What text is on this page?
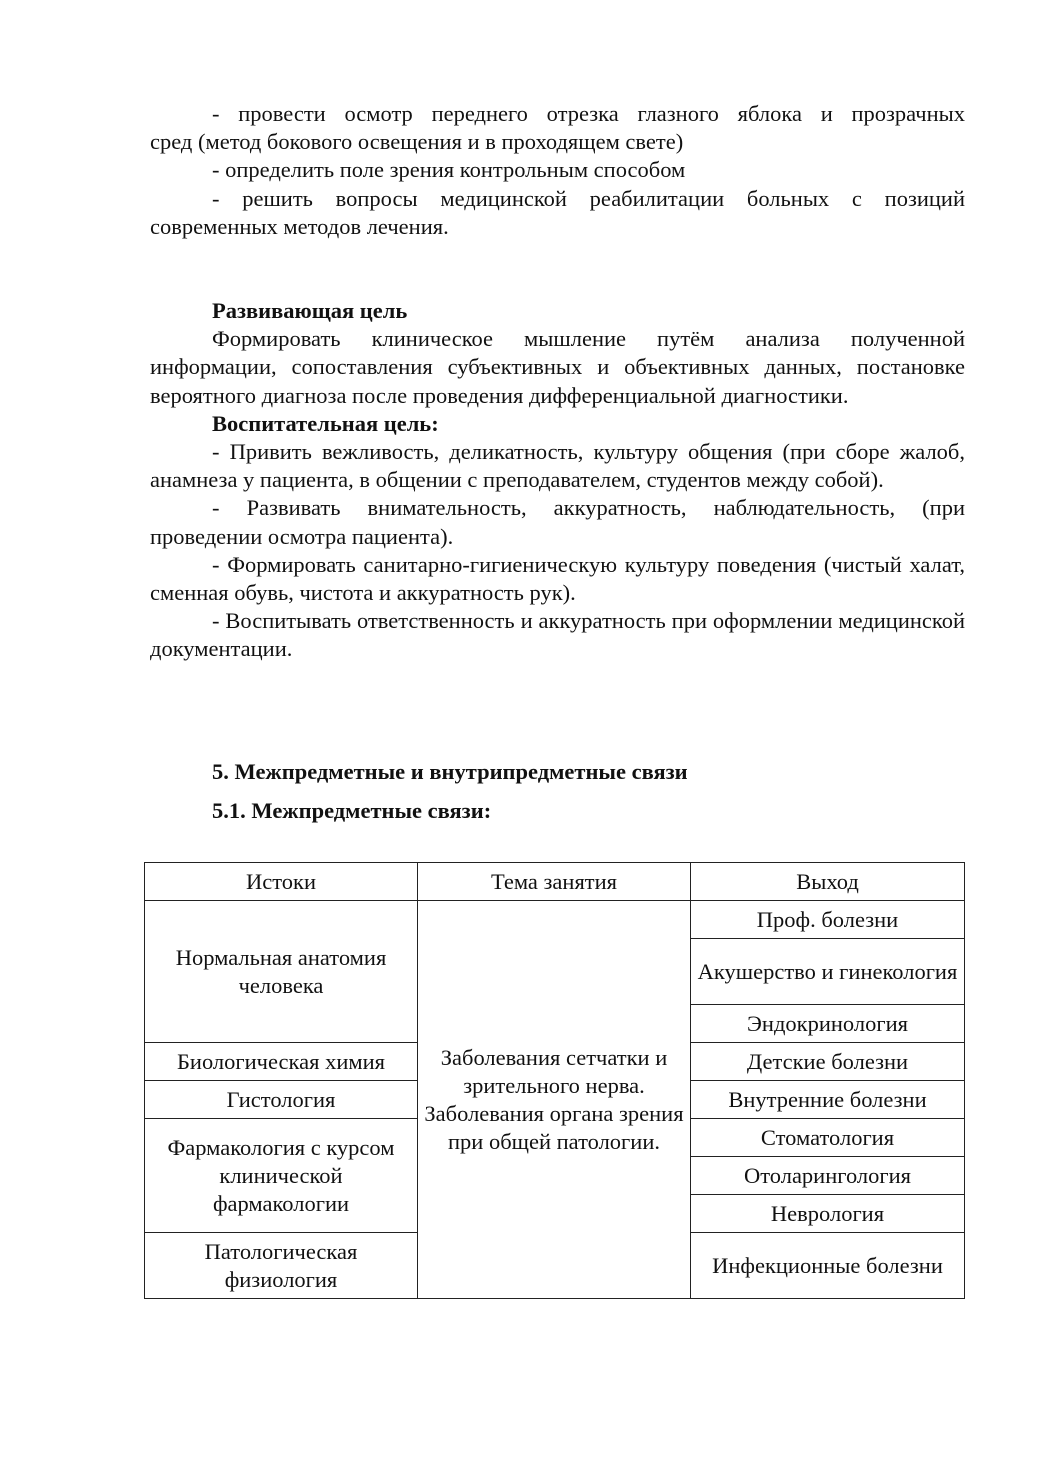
- провести осмотр переднего отрезка глазного яблока и прозрачных

сред (метод бокового освещения и в проходящем свете)

- определить поле зрения контрольным способом

- решить вопросы медицинской реабилитации больных с позиций

современных методов лечения.

Развивающая цель

Формировать клиническое мышление путём анализа полученной информации, сопоставления субъективных и объективных данных, постановке вероятного диагноза после проведения дифференциальной диагностики.

Воспитательная цель:

- Привить вежливость, деликатность, культуру общения (при сборе жалоб, анамнеза у пациента, в общении с преподавателем, студентов между собой).

- Развивать внимательность, аккуратность, наблюдательность, (при проведении осмотра пациента).

- Формировать санитарно-гигиеническую культуру поведения (чистый халат, сменная обувь, чистота и аккуратность рук).

- Воспитывать ответственность и аккуратность при оформлении медицинской документации.

5. Межпредметные и внутрипредметные связи

5.1. Межпредметные связи:

Истоки	Тема занятия	Выход
Нормальная анатомия человека	Заболевания сетчатки и зрительного нерва. Заболевания органа зрения при общей патологии.	Проф. болезни
		Акушерство и гинекология
		Эндокринология
Биологическая химия		Детские болезни
Гистология		Внутренние болезни
Фармакология с курсом клинической фармакологии		Стоматология
		Отоларингология
		Неврология
Патологическая физиология		Инфекционные болезни
